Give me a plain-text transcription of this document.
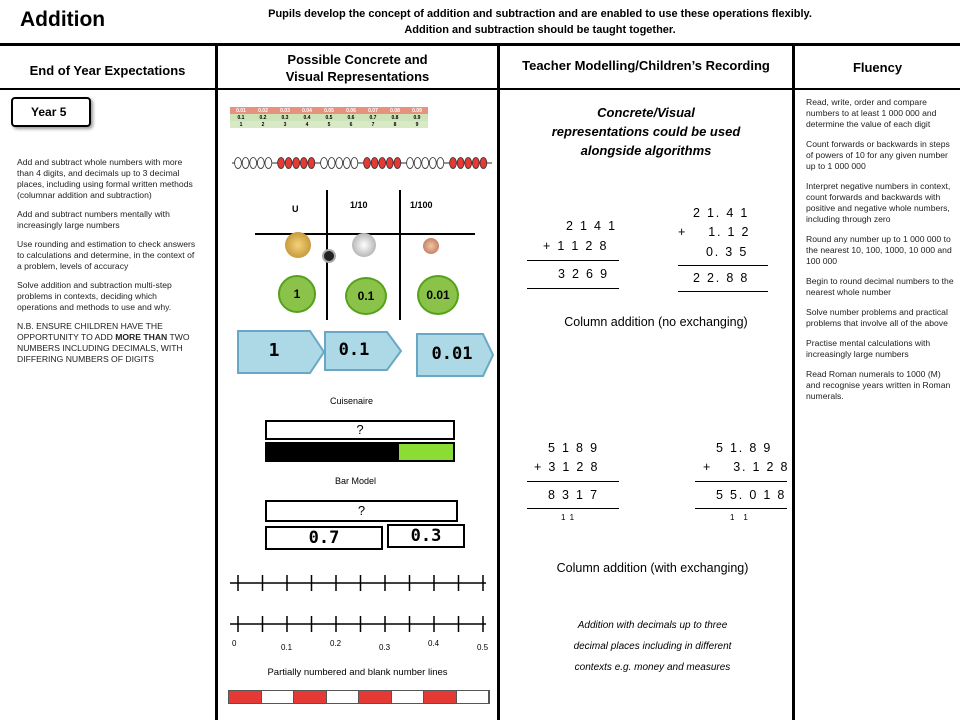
Addition	Pupils develop the concept of addition and subtraction and are enabled to use these operations flexibly.
Addition and subtraction should be taught together.
End of Year Expectations
Possible Concrete and
Visual Representations
Teacher Modelling/Children’s Recording	Fluency
Year 5

Add and subtract whole numbers with more than 4 digits, and decimals up to 3 decimal places, including using formal written methods (columnar addition and subtraction)

Add and subtract numbers mentally with increasingly large numbers

Use rounding and estimation to check answers to calculations and determine, in the context of a problem, levels of accuracy

Solve addition and subtraction multi-step problems in contexts, deciding which operations and methods to use and why.

N.B. ENSURE CHILDREN HAVE THE OPPORTUNITY TO ADD MORE THAN TWO NUMBERS INCLUDING DECIMALS, WITH DIFFERING NUMBERS OF DIGITS

0.01	0.02	0.03	0.04	0.05	0.06	0.07	0.08	0.09
0.1	0.2	0.3	0.4	0.5	0.6	0.7	0.8	0.9
1	2	3	4	5	6	7	8	9
U	1/10	1/100
1	0.1	0.01
1	0.1	0.01
Cuisenaire
?
Bar Model
?
0.7	0.3
0	0.1	0.2	0.3	0.4	0.5
Partially numbered and blank number lines
Concrete/Visual
representations could be used
alongside algorithms
2 1 4 1
+ 1 1 2 8
3 2 6 9
2 1. 4 1
+    1. 1 2
0. 3 5
2 2. 8 8
Column addition (no exchanging)
5 1 8 9
+ 3 1 2 8
8 3 1 7
1 1
5 1. 8 9
+    3. 1 2 8
5 5. 0 1 8
1    1
Column addition (with exchanging)
Addition with decimals up to three
decimal places including in different
contexts e.g. money and measures

Read, write, order and compare numbers to at least 1 000 000 and determine the value of each digit

Count forwards or backwards in steps of powers of 10 for any given number up to 1 000 000

Interpret negative numbers in context, count forwards and backwards with positive and negative whole numbers, including through zero

Round any number up to 1 000 000 to the nearest 10, 100, 1000, 10 000 and 100 000

Begin to round decimal numbers to the nearest whole number

Solve number problems and practical problems that involve all of the above

Practise mental calculations with increasingly large numbers

Read Roman numerals to 1000 (M) and recognise years written in Roman numerals.
